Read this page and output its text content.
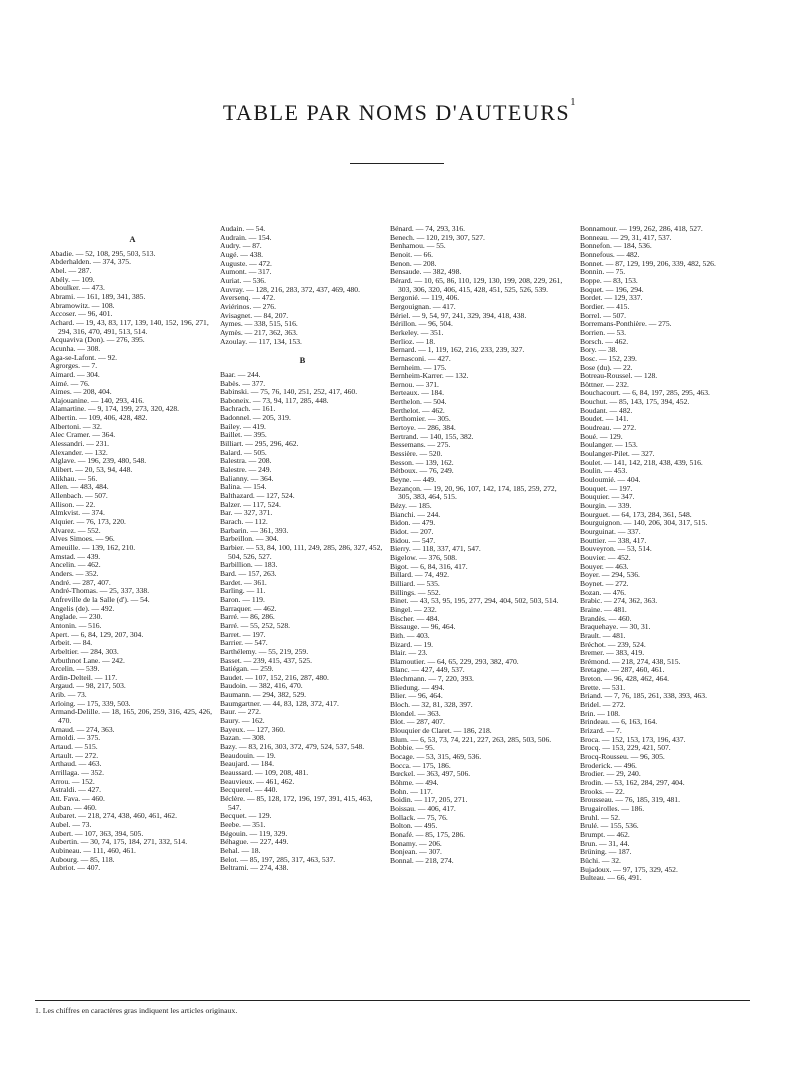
TABLE PAR NOMS D'AUTEURS$^1$
A
Abadie. — 52, 108, 295, 503, 513.
Abderhalden. — 374, 375.
Abel. — 287.
Abély. — 109.
Aboulker. — 473.
Abrami. — 161, 189, 341, 385.
Abramowitz. — 108.
Accoser. — 96, 401.
Achard. — 19, 43, 83, 117, 139, 140, 152, 196, 271, 294, 316, 470, 491, 513, 514.
Acquaviva (Don). — 276, 395.
Acunha. — 308.
Aga-se-Lafont. — 92.
Agrorges. — 7.
Aimard. — 304.
Aimé. — 76.
Aimes. — 208, 404.
Alajouanine. — 140, 293, 416.
Alamartine. — 9, 174, 199, 273, 320, 428.
Albertin. — 109, 406, 428, 482.
Albertoni. — 32.
Alec Cramer. — 364.
Alessandri. — 231.
Alexander. — 132.
Alglave. — 196, 239, 480, 548.
Alibert. — 20, 53, 94, 448.
Alikhau. — 56.
Allen. — 483, 484.
Allenbach. — 507.
Allison. — 22.
Almkvist. — 374.
Alquier. — 76, 173, 220.
Alvarez. — 552.
Alves Simoes. — 96.
Ameuille. — 139, 162, 210.
Amstad. — 439.
Ancelin. — 462.
Anders. — 352.
André. — 287, 407.
André-Thomas. — 25, 337, 338.
Anfreville de la Salle (d'). — 54.
Angelis (de). — 492.
Anglade. — 230.
Antonin. — 516.
Apert. — 6, 84, 129, 207, 304.
Arbeit. — 84.
Arbeltier. — 284, 303.
Arbuthnot Lane. — 242.
Arcelin. — 539.
Ardin-Delteil. — 117.
Argaud. — 98, 217, 503.
Arib. — 73.
Arloing. — 175, 339, 503.
Armand-Delille. — 18, 165, 206, 259, 316, 425, 426, 470.
Arnaud. — 274, 363.
Arnoldi. — 375.
Artaud. — 515.
Artault. — 272.
Arthaud. — 463.
Arrillaga. — 352.
Arrou. — 152.
Astraldi. — 427.
Att. Fava. — 460.
Auban. — 460.
Aubaret. — 218, 274, 438, 460, 461, 462.
Aubel. — 73.
Aubert. — 107, 363, 394, 505.
Aubertin. — 30, 74, 175, 184, 271, 332, 514.
Aubineau. — 111, 460, 461.
Aubourg. — 85, 118.
Aubriot. — 407.
Audain. — 54.
Audrain. — 154.
Audry. — 87.
Augé. — 438.
Auguste. — 472.
Aumont. — 317.
Auriat. — 536.
Auvray. — 128, 216, 283, 372, 437, 469, 480.
Aversenq. — 472.
Aviérinos. — 276.
Avisagnet. — 84, 207.
Aymes. — 338, 515, 516.
Aymès. — 217, 362, 363.
Azoulay. — 117, 134, 153.
B
Baar. — 244.
Babès. — 377.
Babinski. — 75, 76, 140, 251, 252, 417, 460.
Baboneix. — 73, 94, 117, 285, 448.
Bachrach. — 161.
Badonnel. — 205, 319.
Bailey. — 419.
Baillet. — 395.
Billiart. — 295, 296, 462.
Balard. — 505.
Balestra. — 208.
Balestre. — 249.
Balianny. — 364.
Balina. — 154.
Balthazard. — 127, 524.
Balzer. — 117, 524.
Bar. — 327, 371.
Barach. — 112.
Barbarin. — 361, 393.
Barbeillon. — 304.
Barbier. — 53, 84, 100, 111, 249, 285, 286, 327, 452, 504, 526, 527.
Barbillion. — 183.
Bard. — 157, 263.
Bardet. — 361.
Barling. — 11.
Baron. — 119.
Barraquer. — 462.
Barré. — 86, 286.
Barré. — 55, 252, 528.
Barret. — 197.
Barrier. — 547.
Barthélemy. — 55, 219, 259.
Basset. — 239, 415, 437, 525.
Batiégan. — 259.
Baudet. — 107, 152, 216, 287, 480.
Baudoin. — 382, 416, 470.
Baumann. — 294, 382, 529.
Baumgartner. — 44, 83, 128, 372, 417.
Baur. — 272.
Baury. — 162.
Bayeux. — 127, 360.
Bazan. — 308.
Bazy. — 83, 216, 303, 372, 479, 524, 537, 548.
Beaudouin. — 19.
Beaujard. — 184.
Beaussard. — 109, 208, 481.
Beauvieux. — 461, 462.
Becquerel. — 440.
Béclère. — 85, 128, 172, 196, 197, 391, 415, 463, 547.
Becquet. — 129.
Beebe. — 351.
Bégouin. — 119, 329.
Béhague. — 227, 449.
Behal. — 18.
Belot. — 85, 197, 285, 317, 463, 537.
Beltrami. — 274, 438.
Bénard. — 74, 293, 316.
Benech. — 120, 219, 307, 527.
Benhamou. — 55.
Benoit. — 66.
Benon. — 208.
Bensaude. — 382, 498.
Bérard. — 10, 65, 86, 110, 129, 130, 199, 208, 229, 261, 303, 306, 320, 406, 415, 428, 451, 525, 526, 539.
Bergonié. — 119, 406.
Bergouignan. — 417.
Bériel. — 9, 54, 97, 241, 329, 394, 418, 438.
Bérillon. — 96, 504.
Berkeley. — 351.
Berlioz. — 18.
Bernard. — 1, 119, 162, 216, 233, 239, 327.
Bernasconi. — 427.
Bernheim. — 175.
Bernheim-Karrer. — 132.
Bernou. — 371.
Berteaux. — 184.
Berthelon. — 504.
Berthelot. — 462.
Berthomier. — 305.
Bertoye. — 286, 384.
Bertrand. — 140, 155, 382.
Bessemans. — 275.
Bessière. — 520.
Besson. — 139, 162.
Bétboux. — 76, 249.
Beyne. — 449.
Bezançon. — 19, 20, 96, 107, 142, 174, 185, 259, 272, 305, 383, 464, 515.
Bézy. — 185.
Bianchi. — 244.
Bidon. — 479.
Bidot. — 207.
Bidou. — 547.
Bierry. — 118, 337, 471, 547.
Bigelow. — 376, 508.
Bigot. — 6, 84, 316, 417.
Billard. — 74, 492.
Billiard. — 535.
Billings. — 552.
Binet. — 43, 53, 95, 195, 277, 294, 404, 502, 503, 514.
Bingel. — 232.
Bischer. — 484.
Bissauge. — 96, 464.
Bith. — 403.
Bizard. — 19.
Blair. — 23.
Blamoutier. — 64, 65, 229, 293, 382, 470.
Blanc. — 427, 449, 537.
Blechmann. — 7, 220, 393.
Bliedung. — 494.
Blier. — 96, 464.
Bloch. — 32, 81, 328, 397.
Blondel. — 363.
Blot. — 287, 407.
Blouquier de Claret. — 186, 218.
Blum. — 6, 53, 73, 74, 221, 227, 263, 285, 503, 506.
Bobbie. — 95.
Bocage. — 53, 315, 469, 536.
Bocca. — 175, 186.
Bœckel. — 363, 497, 506.
Böhme. — 494.
Bohn. — 117.
Boidin. — 117, 205, 271.
Boissau. — 406, 417.
Bollack. — 75, 76.
Bolton. — 495.
Bonafé. — 85, 175, 286.
Bonamy. — 206.
Bonjean. — 307.
Bonnal. — 218, 274.
Bonnamour. — 199, 262, 286, 418, 527.
Bonneau. — 29, 31, 417, 537.
Bonnefon. — 184, 536.
Bonnefous. — 482.
Bonnet. — 87, 129, 199, 206, 339, 482, 526.
Bonnin. — 75.
Boppe. — 83, 153.
Boquet. — 196, 294.
Bordet. — 129, 337.
Bordier. — 415.
Borrel. — 507.
Borremans-Ponthière. — 275.
Borrien. — 53.
Borsch. — 462.
Bory. — 38.
Bosc. — 152, 239.
Bose (du). — 22.
Botreau-Roussel. — 128.
Böttner. — 232.
Bouchacourt. — 6, 84, 197, 285, 295, 463.
Bouchut. — 85, 143, 175, 394, 452.
Boudant. — 482.
Boudet. — 141.
Boudreau. — 272.
Boué. — 129.
Boulanger. — 153.
Boulanger-Pilet. — 327.
Boulet. — 141, 142, 218, 438, 439, 516.
Boulin. — 453.
Bouloumié. — 404.
Bouquet. — 197.
Bouquier. — 347.
Bourgin. — 339.
Bourguet. — 64, 173, 284, 361, 548.
Bourguignon. — 140, 206, 304, 317, 515.
Bourguinat. — 337.
Bouttier. — 338, 417.
Bouveyron. — 53, 514.
Bouvier. — 452.
Bouyer. — 463.
Boyer. — 294, 536.
Boynet. — 272.
Bozan. — 476.
Brabic. — 274, 362, 363.
Braine. — 481.
Brandès. — 460.
Braquehaye. — 30, 31.
Brault. — 481.
Bréchot. — 239, 524.
Bremer. — 383, 419.
Brémond. — 218, 274, 438, 515.
Bretagne. — 287, 460, 461.
Breton. — 96, 428, 462, 464.
Brette. — 531.
Briand. — 7, 76, 185, 261, 338, 393, 463.
Bridel. — 272.
Brin. — 108.
Brindeau. — 6, 163, 164.
Brizard. — 7.
Broca. — 152, 153, 173, 196, 437.
Brocq. — 153, 229, 421, 507.
Brocq-Rousseu. — 96, 305.
Broderick. — 496.
Brodier. — 29, 240.
Brodin. — 53, 162, 284, 297, 404.
Brooks. — 22.
Brousseau. — 76, 185, 319, 481.
Brugairolles. — 186.
Bruhl. — 52.
Brulé. — 155, 536.
Brumpt. — 462.
Brun. — 31, 44.
Brüning. — 187.
Büchi. — 32.
Bujadoux. — 97, 175, 329, 452.
Bulteau. — 66, 491.
1. Les chiffres en caractères gras indiquent les articles originaux.
